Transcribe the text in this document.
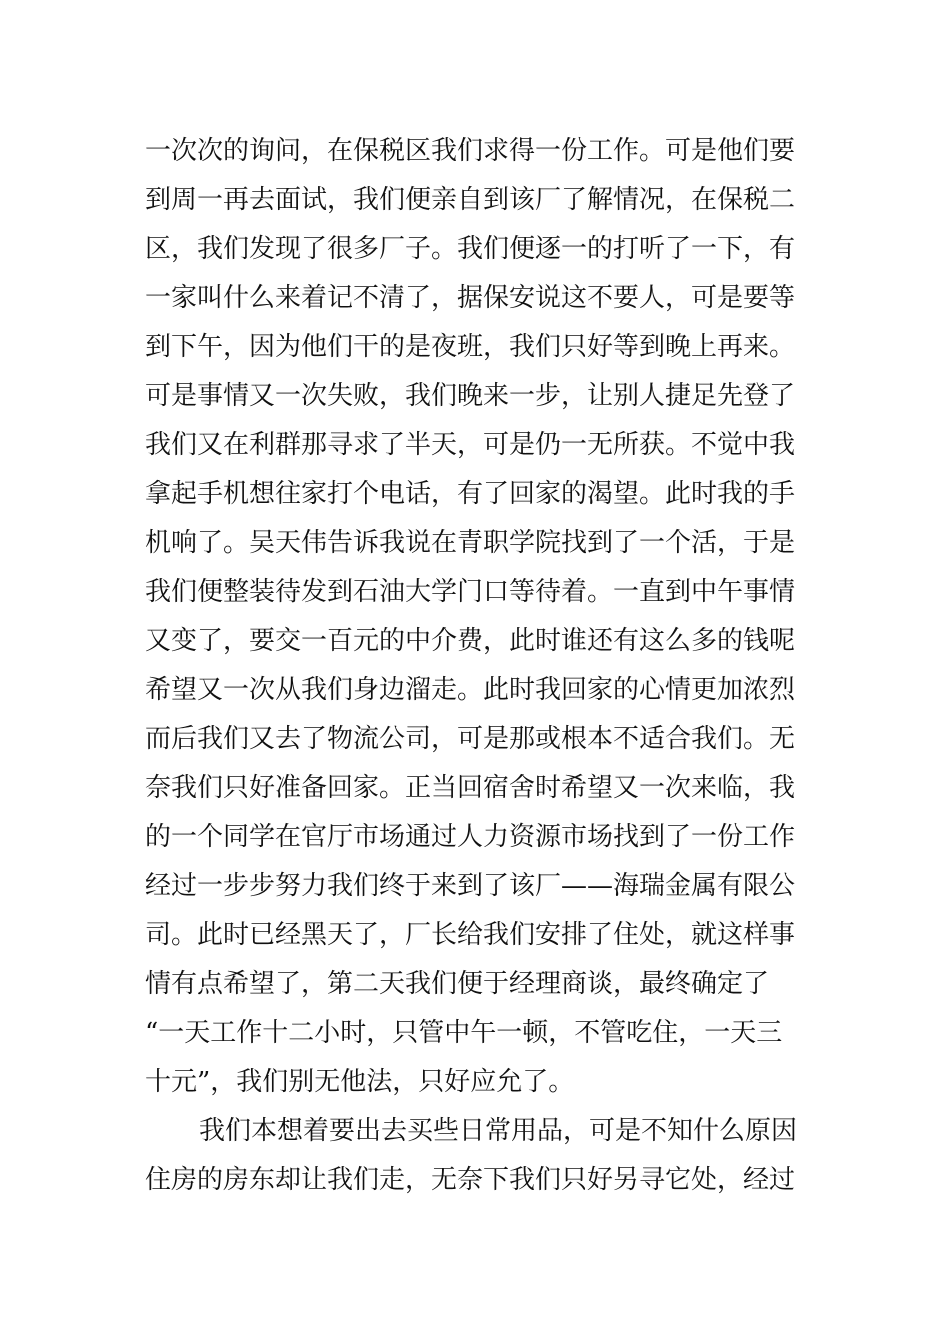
一次次的询问，在保税区我们求得一份工作。可是他们要
到周一再去面试，我们便亲自到该厂了解情况，在保税二
区，我们发现了很多厂子。我们便逐一的打听了一下，有
一家叫什么来着记不清了，据保安说这不要人，可是要等
到下午，因为他们干的是夜班，我们只好等到晚上再来。
可是事情又一次失败，我们晚来一步，让别人捷足先登了
我们又在利群那寻求了半天，可是仍一无所获。不觉中我
拿起手机想往家打个电话，有了回家的渴望。此时我的手
机响了。吴天伟告诉我说在青职学院找到了一个活，于是
我们便整装待发到石油大学门口等待着。一直到中午事情
又变了，要交一百元的中介费，此时谁还有这么多的钱呢
希望又一次从我们身边溜走。此时我回家的心情更加浓烈
而后我们又去了物流公司，可是那或根本不适合我们。无
奈我们只好准备回家。正当回宿舍时希望又一次来临，我
的一个同学在官厅市场通过人力资源市场找到了一份工作
经过一步步努力我们终于来到了该厂——海瑞金属有限公
司。此时已经黑天了，厂长给我们安排了住处，就这样事
情有点希望了，第二天我们便于经理商谈，最终确定了
“一天工作十二小时，只管中午一顿，不管吃住，一天三
十元”，我们别无他法，只好应允了。
我们本想着要出去买些日常用品，可是不知什么原因
住房的房东却让我们走，无奈下我们只好另寻它处，经过
